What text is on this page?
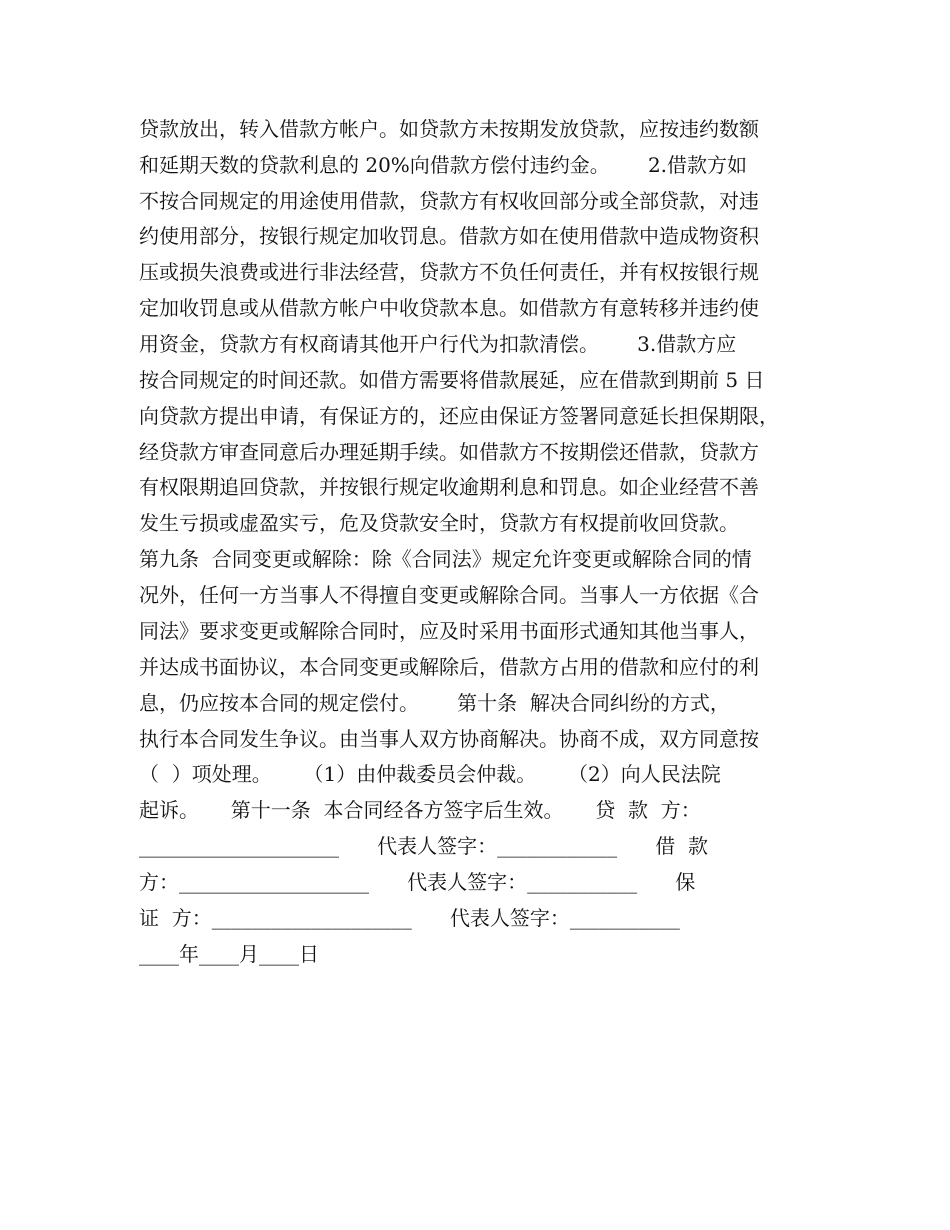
贷款放出，转入借款方帐户。如贷款方未按期发放贷款，应按违约数额
和延期天数的贷款利息的 20%向借款方偿付违约金。      2.借款方如
不按合同规定的用途使用借款，贷款方有权收回部分或全部贷款，对违
约使用部分，按银行规定加收罚息。借款方如在使用借款中造成物资积
压或损失浪费或进行非法经营，贷款方不负任何责任，并有权按银行规
定加收罚息或从借款方帐户中收贷款本息。如借款方有意转移并违约使
用资金，贷款方有权商请其他开户行代为扣款清偿。      3.借款方应
按合同规定的时间还款。如借方需要将借款展延，应在借款到期前 5 日
向贷款方提出申请，有保证方的，还应由保证方签署同意延长担保期限，
经贷款方审查同意后办理延期手续。如借款方不按期偿还借款，贷款方
有权限期追回贷款，并按银行规定收逾期利息和罚息。如企业经营不善
发生亏损或虚盈实亏，危及贷款安全时，贷款方有权提前收回贷款。
第九条  合同变更或解除：除《合同法》规定允许变更或解除合同的情
况外，任何一方当事人不得擅自变更或解除合同。当事人一方依据《合
同法》要求变更或解除合同时，应及时采用书面形式通知其他当事人，
并达成书面协议，本合同变更或解除后，借款方占用的借款和应付的利
息，仍应按本合同的规定偿付。      第十条  解决合同纠纷的方式，
执行本合同发生争议。由当事人双方协商解决。协商不成，双方同意按
（  ）项处理。     （1）由仲裁委员会仲裁。     （2）向人民法院
起诉。     第十一条  本合同经各方签字后生效。     贷  款  方：
____________________      代表人签字：____________      借  款
方：___________________      代表人签字：___________      保
证  方：____________________      代表人签字：___________
____年____月____日
